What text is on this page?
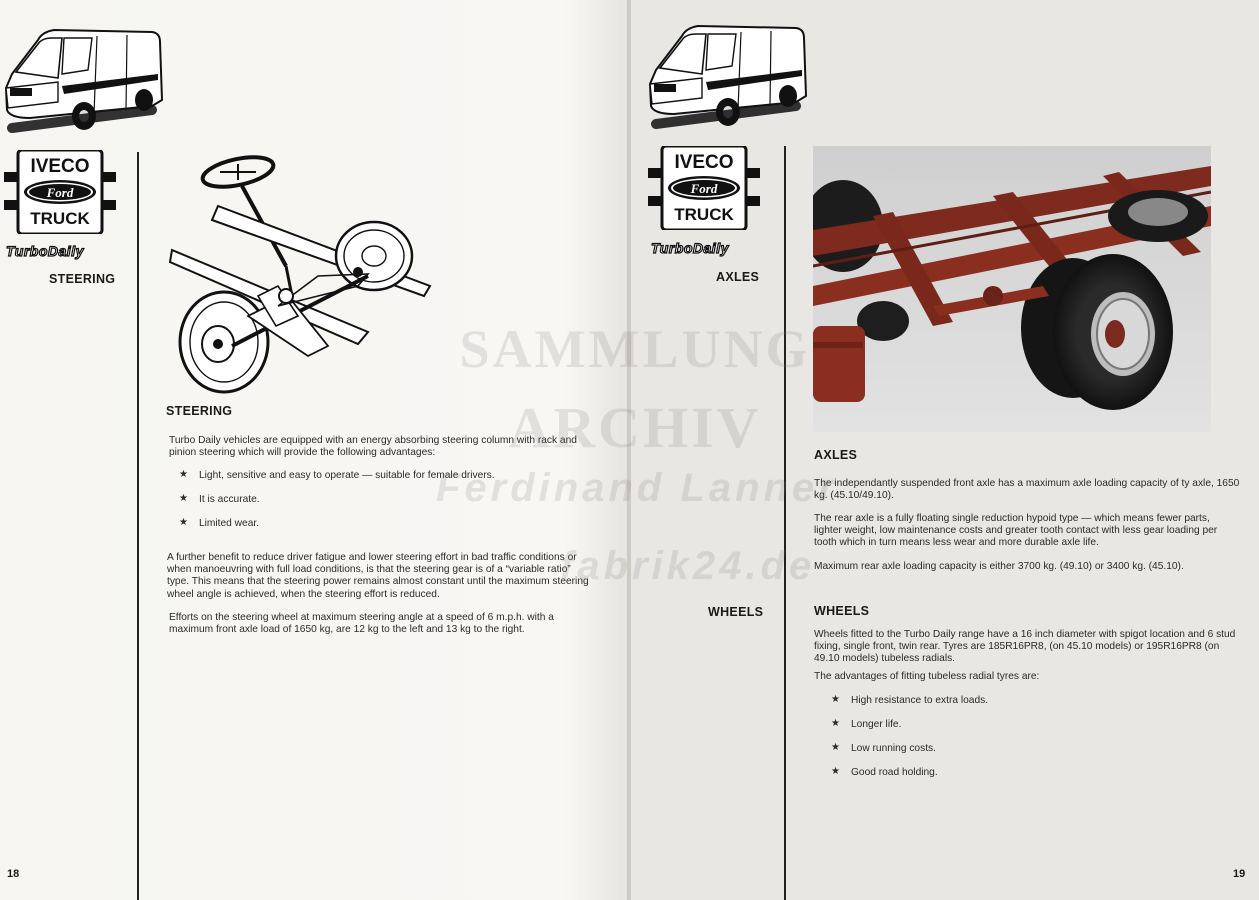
IVECO
Ford
TRUCK
TurboDaily
STEERING
STEERING
Turbo Daily vehicles are equipped with an energy absorbing steering column with rack and pinion steering which will provide the following advantages:
★ Light, sensitive and easy to operate — suitable for female drivers.
★ It is accurate.
★ Limited wear.
A further benefit to reduce driver fatigue and lower steering effort in bad traffic conditions or when manoeuvring with full load conditions, is that the steering gear is of a “variable ratio” type. This means that the steering power remains almost constant until the maximum steering wheel angle is achieved, when the steering effort is reduced.
Efforts on the steering wheel at maximum steering angle at a speed of 6 m.p.h. with a maximum front axle load of 1650 kg, are 12 kg to the left and 13 kg to the right.
18
IVECO
Ford
TRUCK
TurboDaily
AXLES
WHEELS
AXLES
The independantly suspended front axle has a maximum axle loading capacity of ty axle, 1650 kg. (45.10/49.10).
The rear axle is a fully floating single reduction hypoid type — which means fewer parts, lighter weight, low maintenance costs and greater tooth contact with less gear loading per tooth which in turn means less wear and more durable axle life.
Maximum rear axle loading capacity is either 3700 kg. (49.10) or 3400 kg. (45.10).
WHEELS
Wheels fitted to the Turbo Daily range have a 16 inch diameter with spigot location and 6 stud fixing, single front, twin rear. Tyres are 185R16PR8, (on 45.10 models) or 195R16PR8 (on 49.10 models) tubeless radials.
The advantages of fitting tubeless radial tyres are:
★ High resistance to extra loads.
★ Longer life.
★ Low running costs.
★ Good road holding.
19
SAMMLUNG
ARCHIV
Ferdinand Lanner
fabrik24.de
